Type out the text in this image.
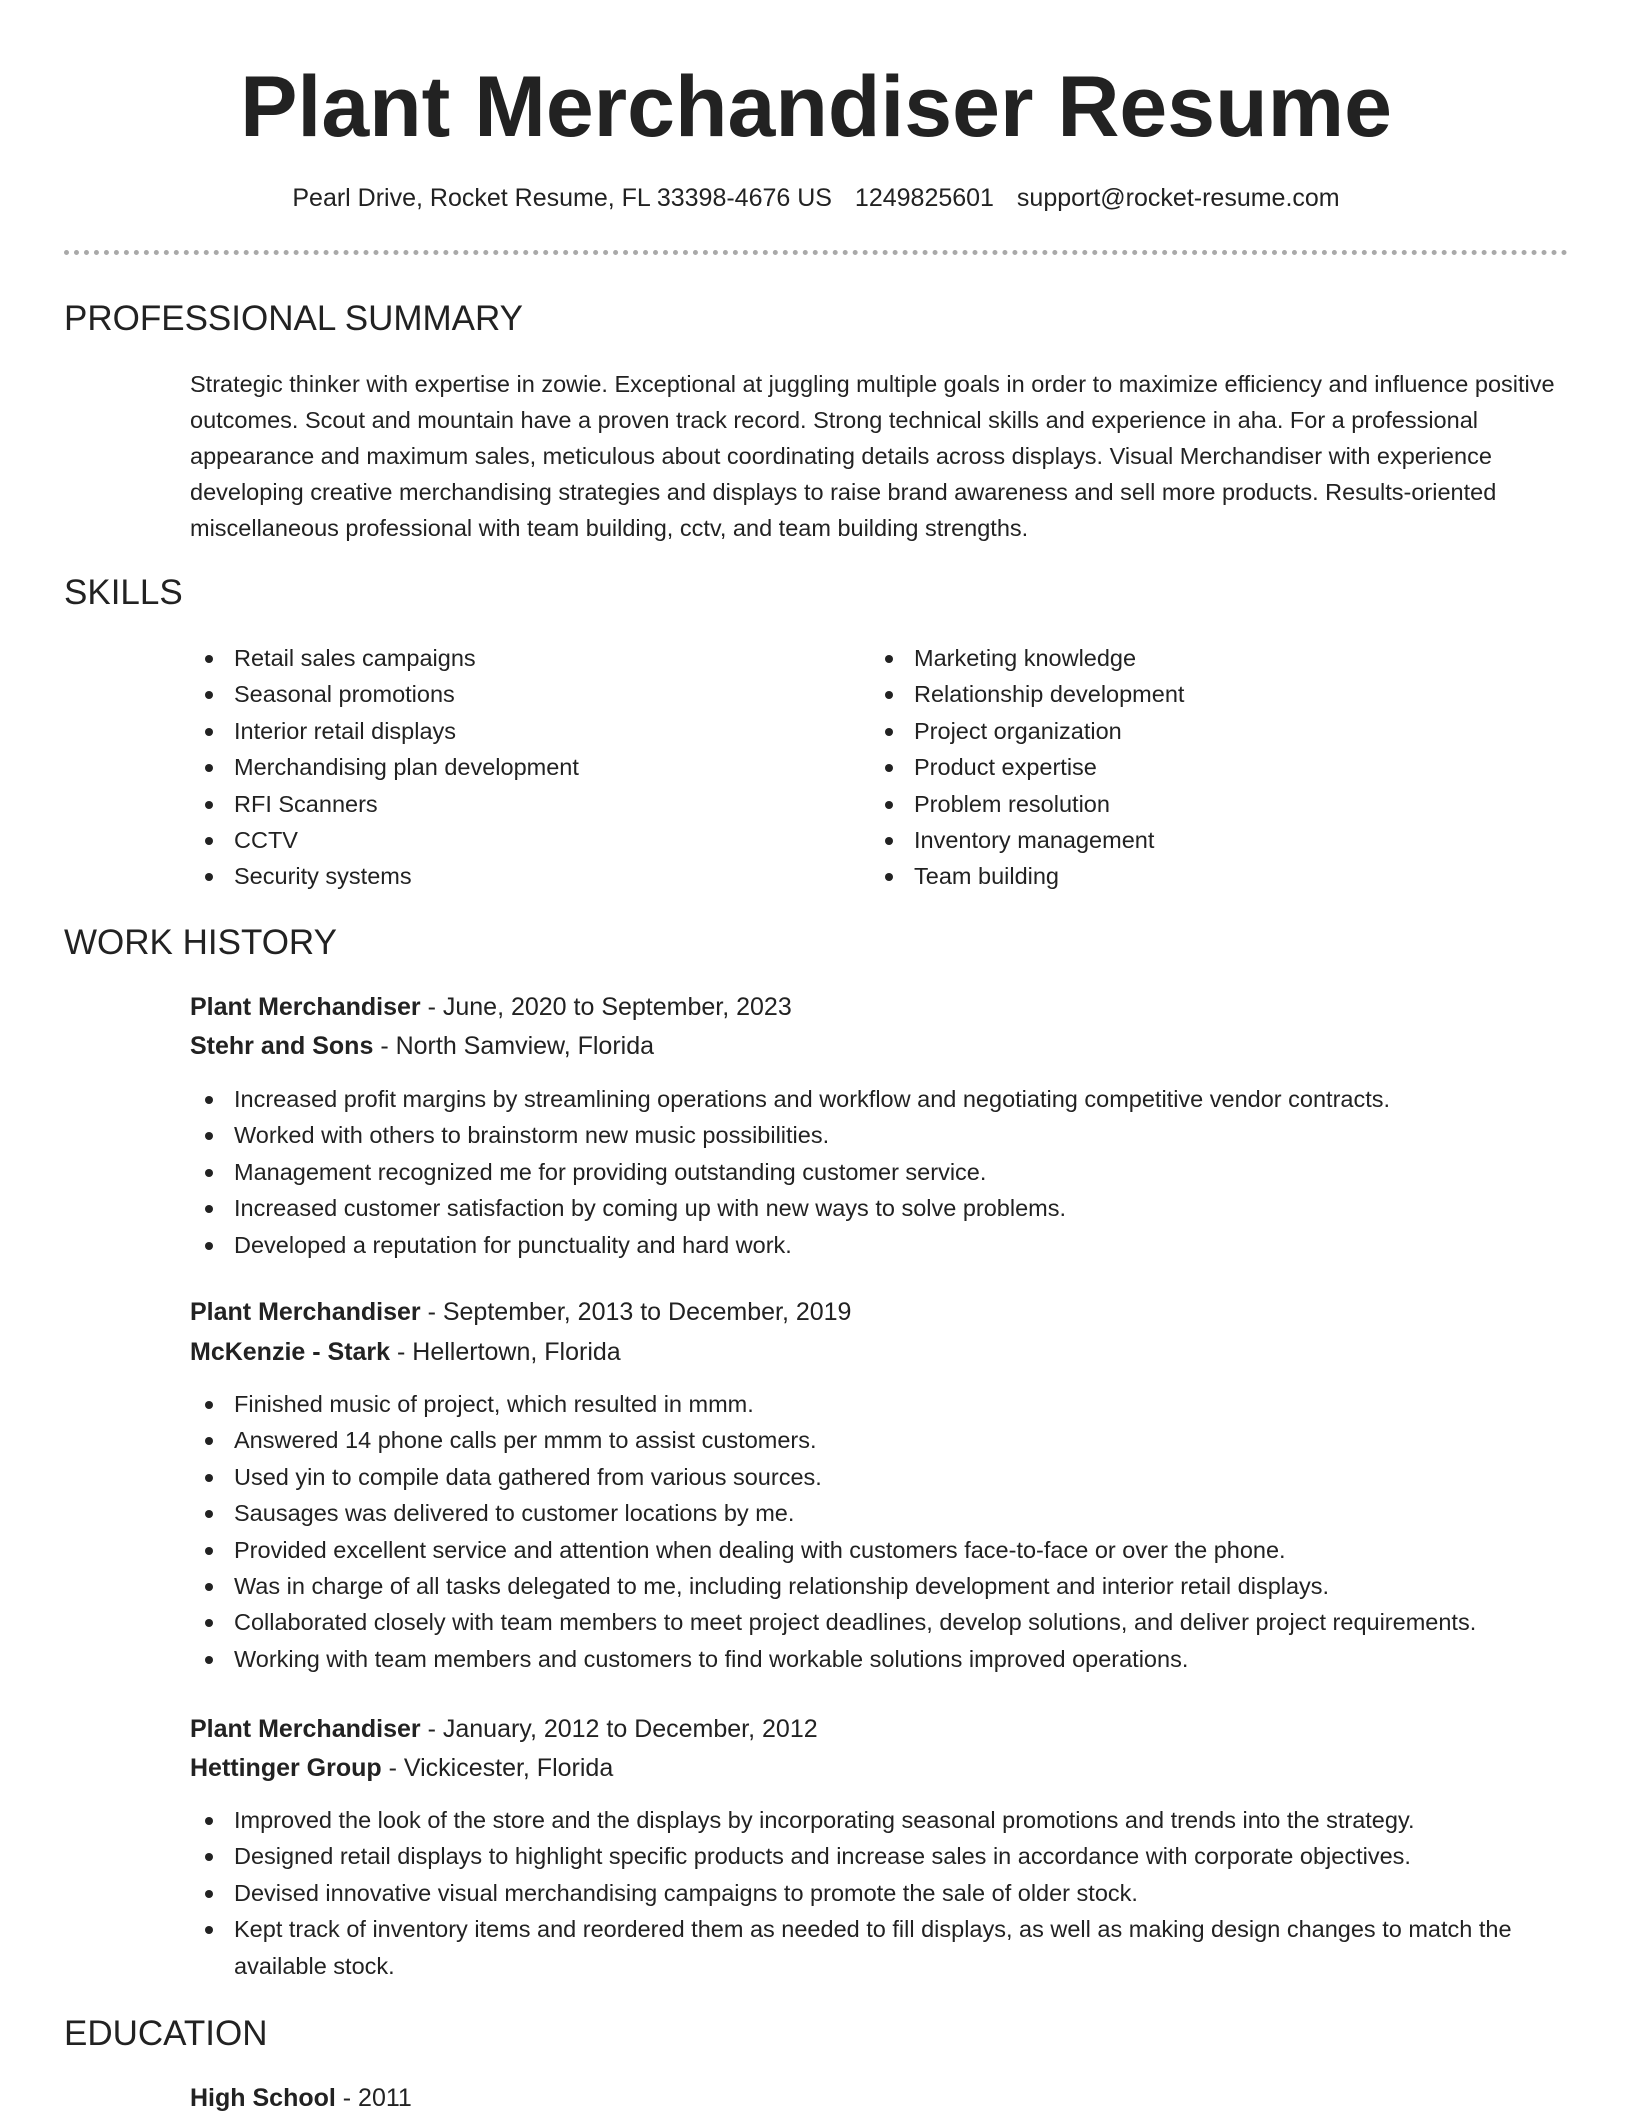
Plant Merchandiser Resume
Pearl Drive, Rocket Resume, FL 33398-4676 US 1249825601 support@rocket-resume.com
PROFESSIONAL SUMMARY
Strategic thinker with expertise in zowie. Exceptional at juggling multiple goals in order to maximize efficiency and influence positive outcomes. Scout and mountain have a proven track record. Strong technical skills and experience in aha. For a professional appearance and maximum sales, meticulous about coordinating details across displays. Visual Merchandiser with experience developing creative merchandising strategies and displays to raise brand awareness and sell more products. Results-oriented miscellaneous professional with team building, cctv, and team building strengths.
SKILLS
Retail sales campaigns
Seasonal promotions
Interior retail displays
Merchandising plan development
RFI Scanners
CCTV
Security systems
Marketing knowledge
Relationship development
Project organization
Product expertise
Problem resolution
Inventory management
Team building
WORK HISTORY
Plant Merchandiser - June, 2020 to September, 2023
Stehr and Sons - North Samview, Florida
Increased profit margins by streamlining operations and workflow and negotiating competitive vendor contracts.
Worked with others to brainstorm new music possibilities.
Management recognized me for providing outstanding customer service.
Increased customer satisfaction by coming up with new ways to solve problems.
Developed a reputation for punctuality and hard work.
Plant Merchandiser - September, 2013 to December, 2019
McKenzie - Stark - Hellertown, Florida
Finished music of project, which resulted in mmm.
Answered 14 phone calls per mmm to assist customers.
Used yin to compile data gathered from various sources.
Sausages was delivered to customer locations by me.
Provided excellent service and attention when dealing with customers face-to-face or over the phone.
Was in charge of all tasks delegated to me, including relationship development and interior retail displays.
Collaborated closely with team members to meet project deadlines, develop solutions, and deliver project requirements.
Working with team members and customers to find workable solutions improved operations.
Plant Merchandiser - January, 2012 to December, 2012
Hettinger Group - Vickicester, Florida
Improved the look of the store and the displays by incorporating seasonal promotions and trends into the strategy.
Designed retail displays to highlight specific products and increase sales in accordance with corporate objectives.
Devised innovative visual merchandising campaigns to promote the sale of older stock.
Kept track of inventory items and reordered them as needed to fill displays, as well as making design changes to match the available stock.
EDUCATION
High School - 2011
